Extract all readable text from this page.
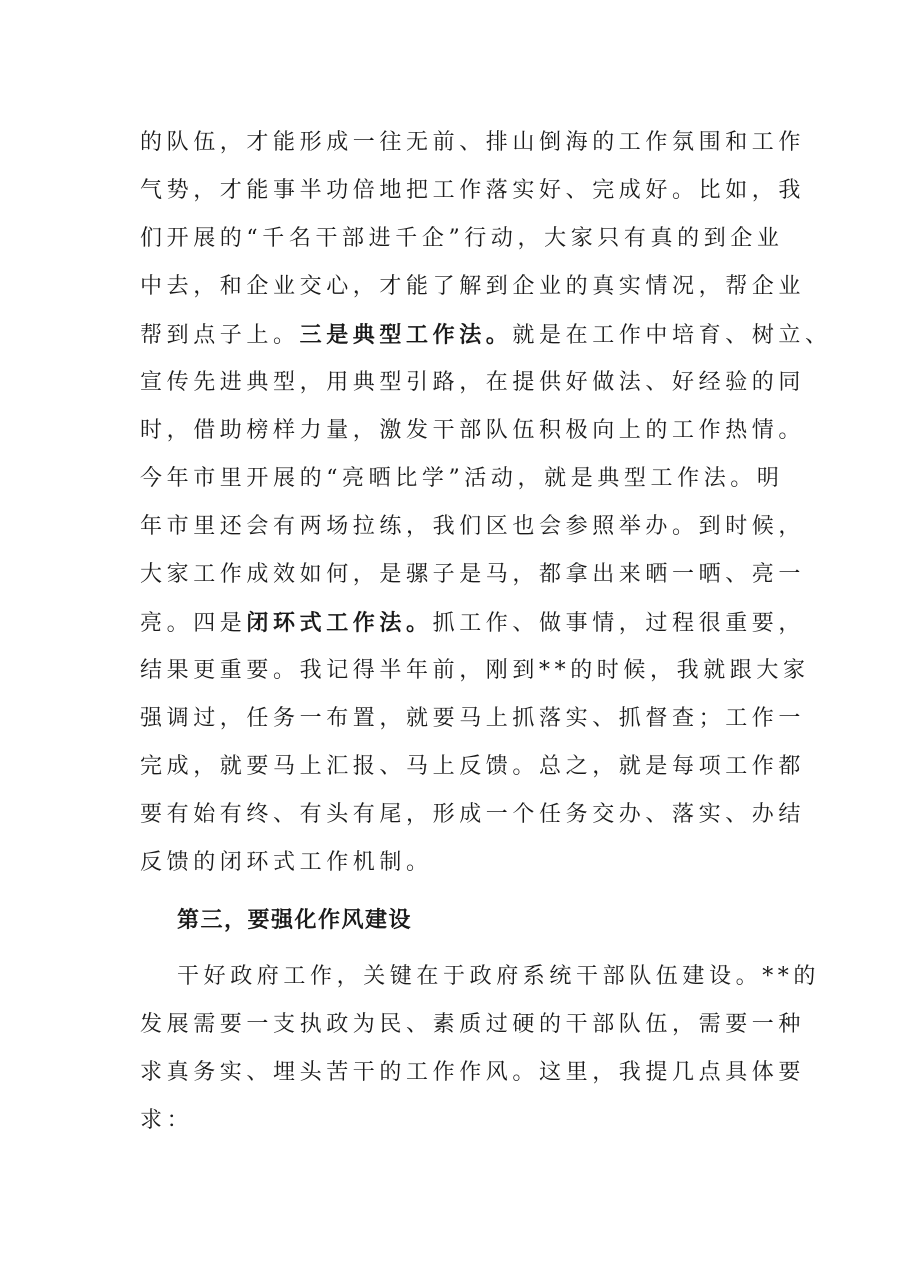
的队伍，才能形成一往无前、排山倒海的工作氛围和工作
气势，才能事半功倍地把工作落实好、完成好。比如，我
们开展的“千名干部进千企”行动，大家只有真的到企业
中去，和企业交心，才能了解到企业的真实情况，帮企业
帮到点子上。三是典型工作法。就是在工作中培育、树立、
宣传先进典型，用典型引路，在提供好做法、好经验的同
时，借助榜样力量，激发干部队伍积极向上的工作热情。
今年市里开展的“亮晒比学”活动，就是典型工作法。明
年市里还会有两场拉练，我们区也会参照举办。到时候，
大家工作成效如何，是骡子是马，都拿出来晒一晒、亮一
亮。四是闭环式工作法。抓工作、做事情，过程很重要，
结果更重要。我记得半年前，刚到**的时候，我就跟大家
强调过，任务一布置，就要马上抓落实、抓督查；工作一
完成，就要马上汇报、马上反馈。总之，就是每项工作都
要有始有终、有头有尾，形成一个任务交办、落实、办结
反馈的闭环式工作机制。
第三，要强化作风建设
干好政府工作，关键在于政府系统干部队伍建设。**的
发展需要一支执政为民、素质过硬的干部队伍，需要一种
求真务实、埋头苦干的工作作风。这里，我提几点具体要
求：
